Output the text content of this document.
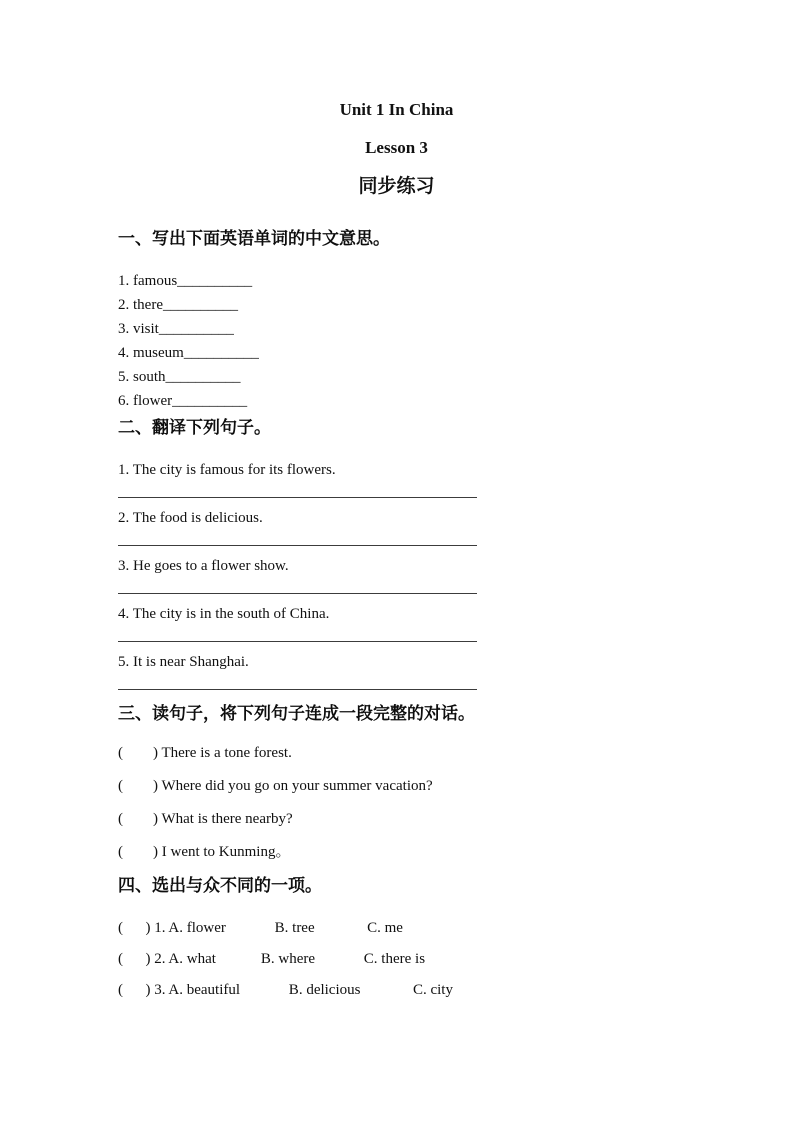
Unit 1 In China

Lesson 3

同步练习

一、写出下面英语单词的中文意思。

1. famous__________

2. there__________

3. visit__________

4. museum__________

5. south__________

6. flower__________

二、翻译下列句子。

1. The city is famous for its flowers.

2. The food is delicious.

3. He goes to a flower show.

4. The city is in the south of China.

5. It is near Shanghai.

三、读句子，将下列句子连成一段完整的对话。

(        ) There is a tone forest.

(        ) Where did you go on your summer vacation?

(        ) What is there nearby?

(        ) I went to Kunming。

四、选出与众不同的一项。

(      ) 1. A. flower             B. tree              C. me

(      ) 2. A. what            B. where             C. there is

(      ) 3. A. beautiful             B. delicious              C. city
